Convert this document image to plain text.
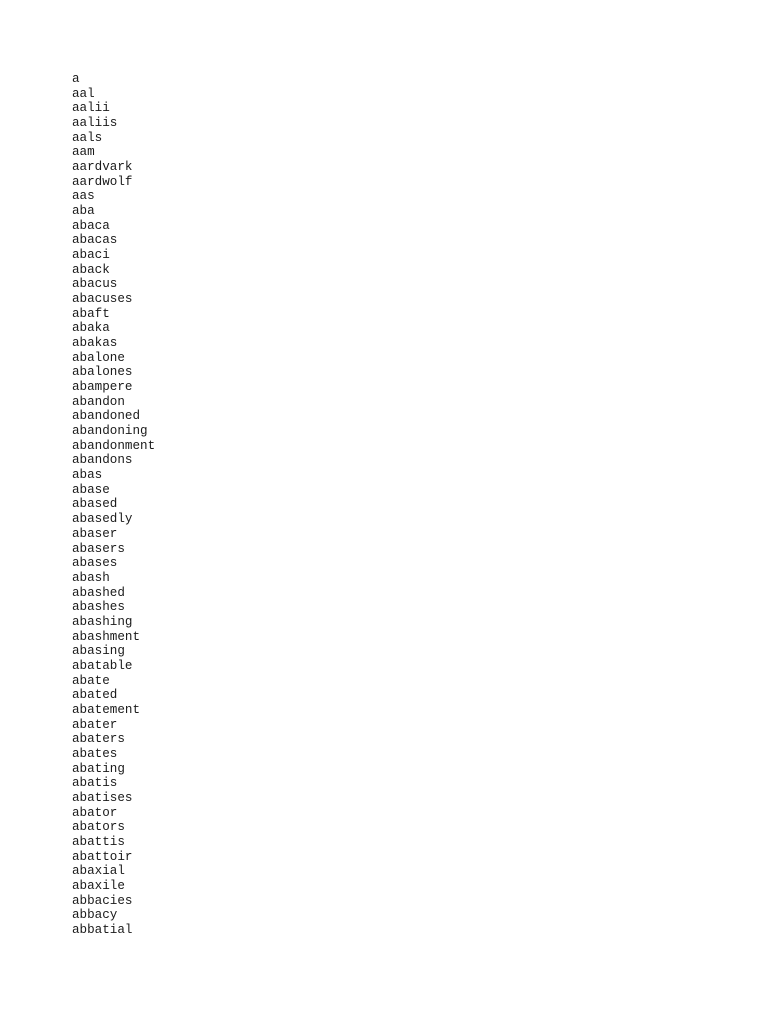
a
aal
aalii
aaliis
aals
aam
aardvark
aardwolf
aas
aba
abaca
abacas
abaci
aback
abacus
abacuses
abaft
abaka
abakas
abalone
abalones
abampere
abandon
abandoned
abandoning
abandonment
abandons
abas
abase
abased
abasedly
abaser
abasers
abases
abash
abashed
abashes
abashing
abashment
abasing
abatable
abate
abated
abatement
abater
abaters
abates
abating
abatis
abatises
abator
abators
abattis
abattoir
abaxial
abaxile
abbacies
abbacy
abbatial
